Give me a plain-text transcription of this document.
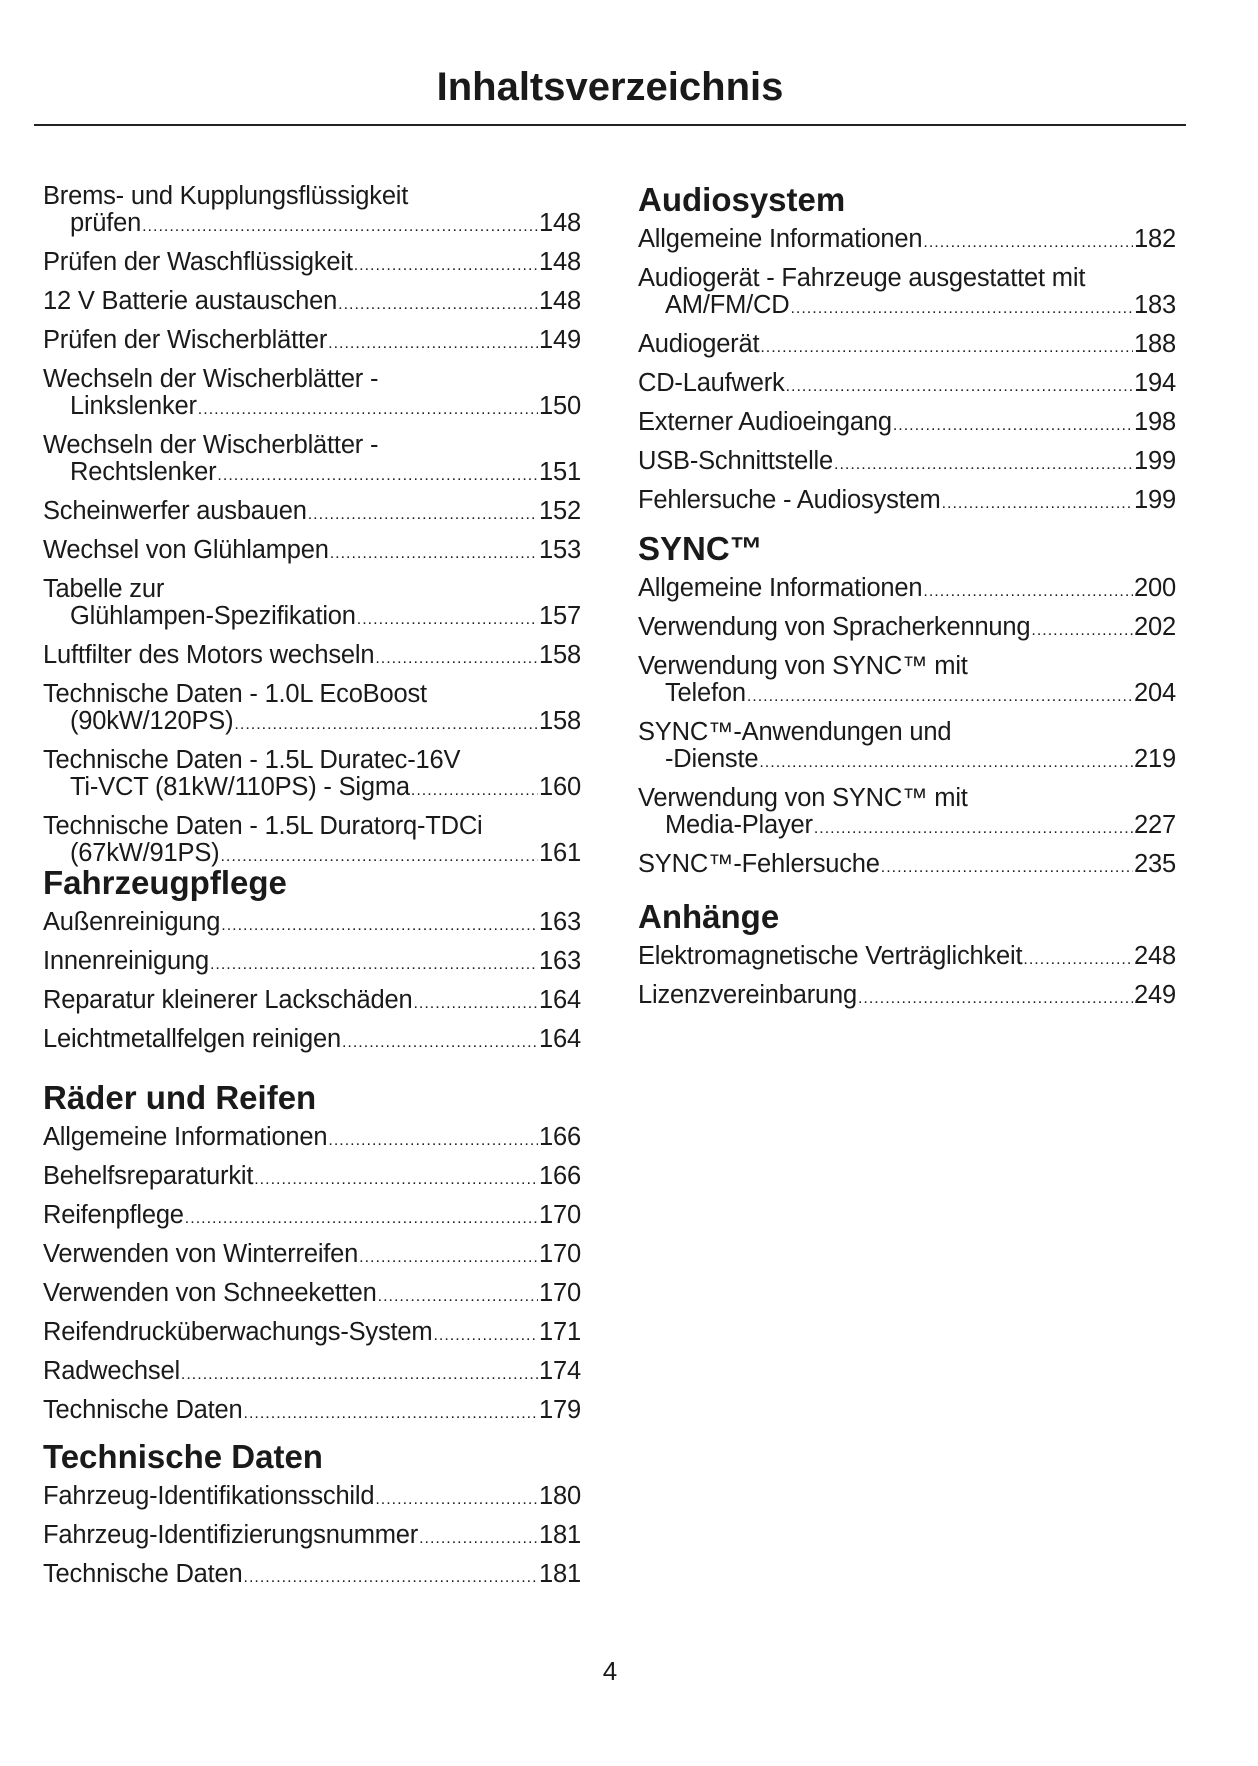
Inhaltsverzeichnis
Brems- und Kupplungsflüssigkeit
prüfen .....	148
Prüfen der Waschflüssigkeit .....	148
12 V Batterie austauschen .....	148
Prüfen der Wischerblätter .....	149
Wechseln der Wischerblätter -
Linkslenker .....	150
Wechseln der Wischerblätter -
Rechtslenker .....	151
Scheinwerfer ausbauen .....	152
Wechsel von Glühlampen .....	153
Tabelle zur
Glühlampen-Spezifikation .....	157
Luftfilter des Motors wechseln .....	158
Technische Daten - 1.0L EcoBoost
(90kW/120PS) .....	158
Technische Daten - 1.5L Duratec-16V
Ti-VCT (81kW/110PS) - Sigma .....	160
Technische Daten - 1.5L Duratorq-TDCi
(67kW/91PS) .....	161
Fahrzeugpflege
Außenreinigung .....	163
Innenreinigung .....	163
Reparatur kleinerer Lackschäden .....	164
Leichtmetallfelgen reinigen .....	164
Räder und Reifen
Allgemeine Informationen .....	166
Behelfsreparaturkit .....	166
Reifenpflege .....	170
Verwenden von Winterreifen .....	170
Verwenden von Schneeketten .....	170
Reifendrucküberwachungs-System .....	171
Radwechsel .....	174
Technische Daten .....	179
Technische Daten
Fahrzeug-Identifikationsschild .....	180
Fahrzeug-Identifizierungsnummer .....	181
Technische Daten .....	181
Audiosystem
Allgemeine Informationen .....	182
Audiogerät - Fahrzeuge ausgestattet mit
AM/FM/CD .....	183
Audiogerät .....	188
CD-Laufwerk .....	194
Externer Audioeingang .....	198
USB-Schnittstelle .....	199
Fehlersuche - Audiosystem .....	199
SYNC™
Allgemeine Informationen .....	200
Verwendung von Spracherkennung .....	202
Verwendung von SYNC™ mit
Telefon .....	204
SYNC™-Anwendungen und
-Dienste .....	219
Verwendung von SYNC™ mit
Media-Player .....	227
SYNC™-Fehlersuche .....	235
Anhänge
Elektromagnetische Verträglichkeit .....	248
Lizenzvereinbarung .....	249
4
